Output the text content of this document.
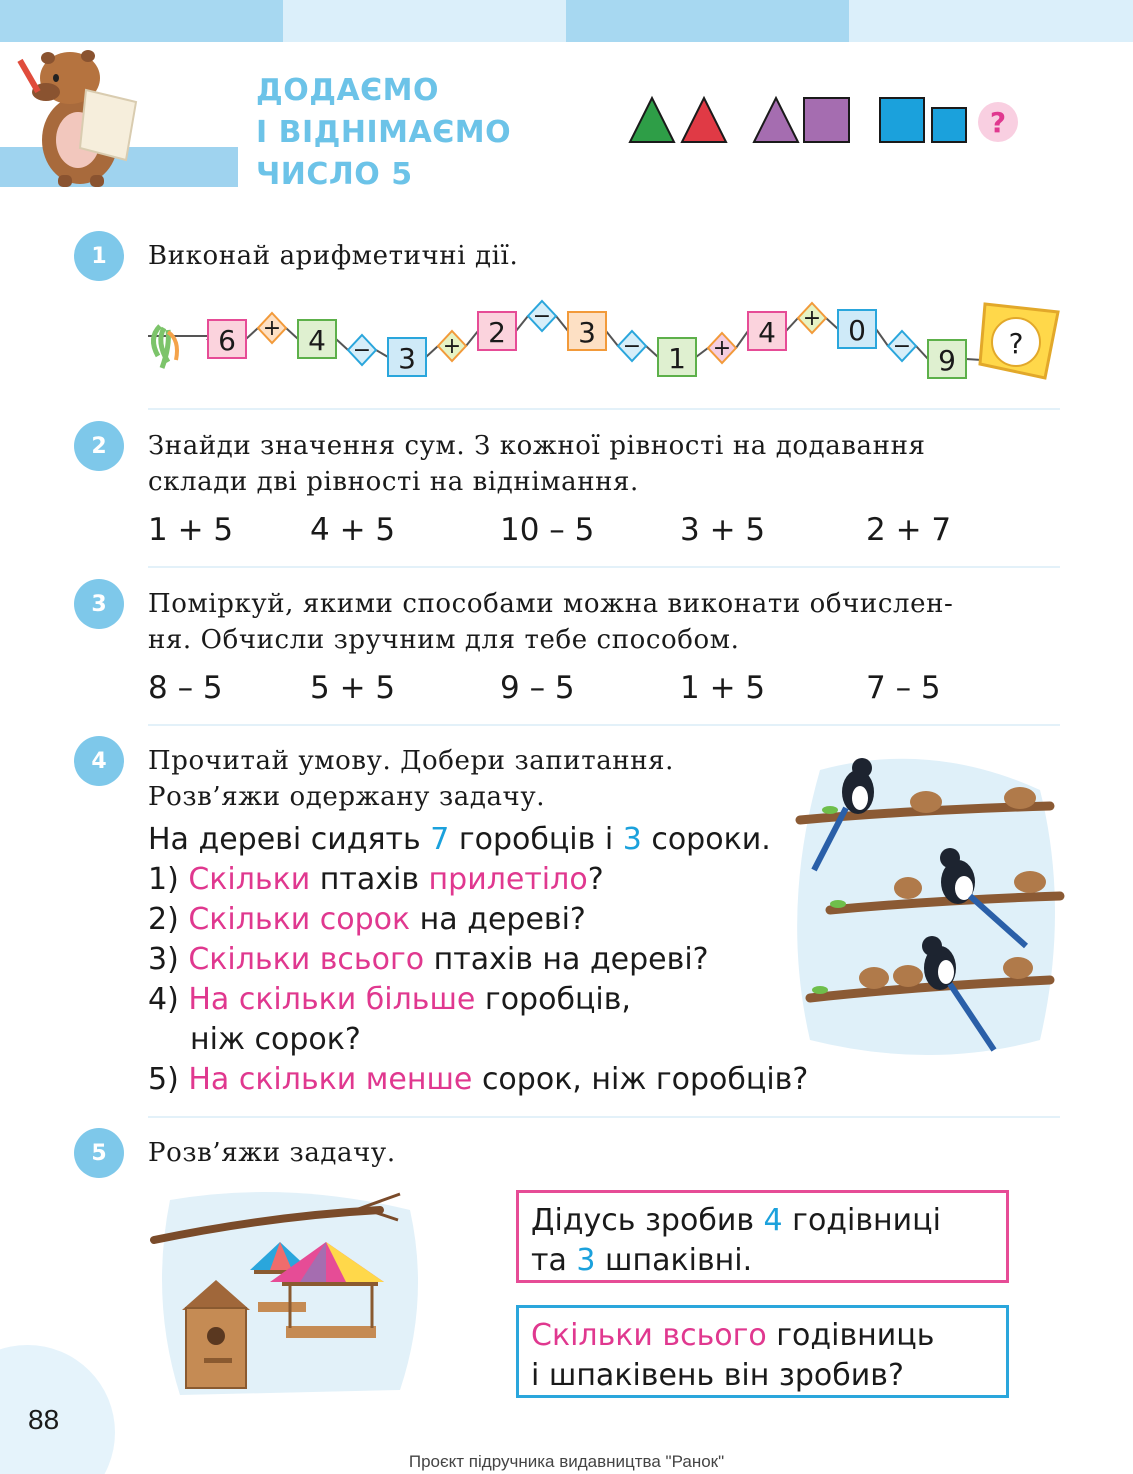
ДОДАЄМО
І ВІДНІМАЄМО
ЧИСЛО 5
?
1	Виконай арифметичні дії.
6 + 4 − 3 + 2 − 3 − 1 + 4 + 0 − 9
?
2	Знайди значення сум. З кожної рівності на додавання
склади дві рівності на віднімання.
1 + 5 4 + 5	10 – 5	3 + 5	2 + 7
3	Поміркуй, якими способами можна виконати обчислен-
ня. Обчисли зручним для тебе способом.
8 – 5	5 + 5	9 – 5	1 + 5	7 – 5
4	Прочитай умову. Добери запитання.
Розв’яжи одержану задачу.
На дереві сидять 7 горобців і 3 сороки.
1) Скільки птахів прилетіло?
2) Скільки сорок на дереві?
3) Скільки всього птахів на дереві?
4) На скільки більше горобців,
ніж сорок?
5) На скільки менше сорок, ніж горобців?
5	Розв’яжи задачу.
Дідусь зробив 4 годівниці
та 3 шпаківні.
Скільки всього годівниць
і шпаківень він зробив?
88
Проєкт підручника видавництва "Ранок"
